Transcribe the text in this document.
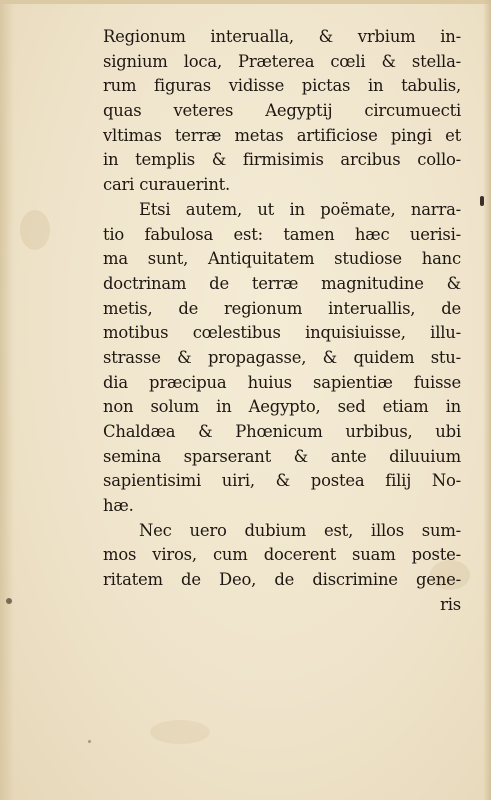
Regionum interualla, & vrbium in-
signium loca, Præterea cœli & stella-
rum figuras vidisse pictas in tabulis,
quas veteres Aegyptij circumuecti
vltimas terræ metas artificiose pingi et
in templis & firmisimis arcibus collo-
cari curauerint.
Etsi autem, ut in poëmate, narra-
tio fabulosa est: tamen hæc uerisi-
ma sunt, Antiquitatem studiose hanc
doctrinam de terræ magnitudine &
metis, de regionum interuallis, de
motibus cœlestibus inquisiuisse, illu-
strasse & propagasse, & quidem stu-
dia præcipua huius sapientiæ fuisse
non solum in Aegypto, sed etiam in
Chaldæa & Phœnicum urbibus, ubi
semina sparserant & ante diluuium
sapientisimi uiri, & postea filij No-
hæ.
Nec uero dubium est, illos sum-
mos viros, cum docerent suam poste-
ritatem de Deo, de discrimine gene-
ris
